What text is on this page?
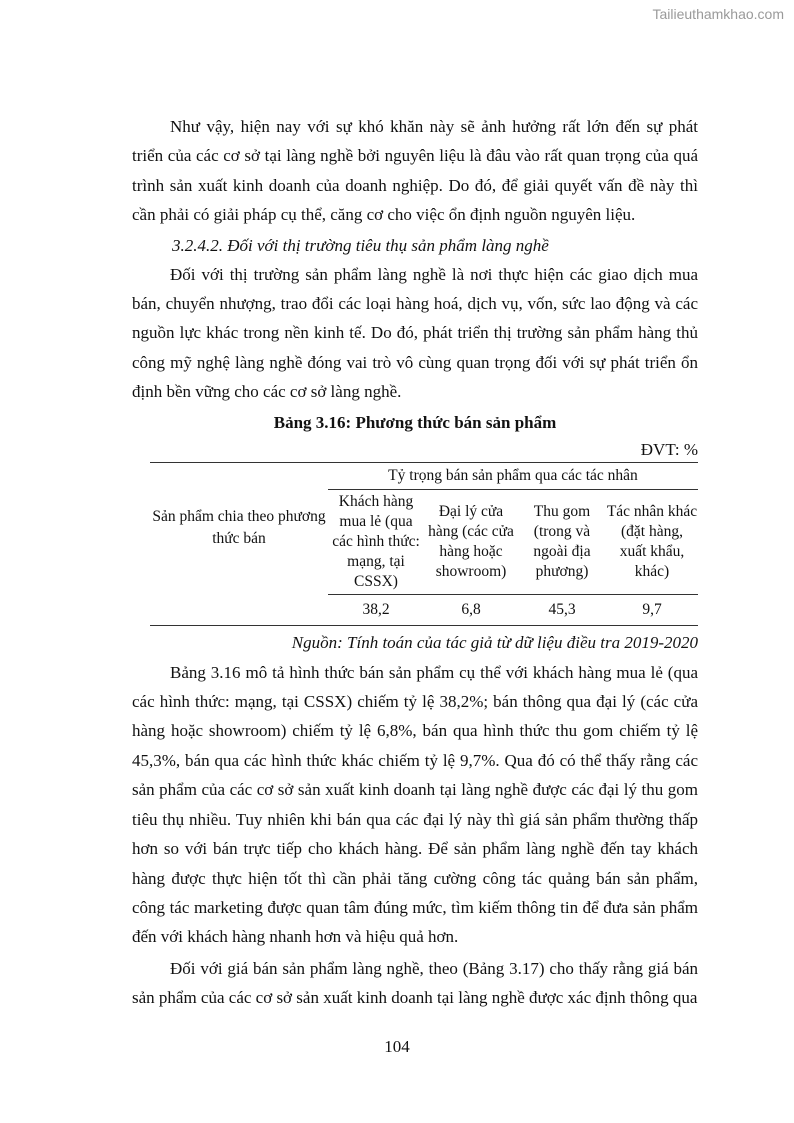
Tailieuthamkhao.com

Như vậy, hiện nay với sự khó khăn này sẽ ảnh hưởng rất lớn đến sự phát triển của các cơ sở tại làng nghề bởi nguyên liệu là đâu vào rất quan trọng của quá trình sản xuất kinh doanh của doanh nghiệp. Do đó, để giải quyết vấn đề này thì cần phải có giải pháp cụ thể, căng cơ cho việc ổn định nguồn nguyên liệu.

3.2.4.2. Đối với thị trường tiêu thụ sản phẩm làng nghề

Đối với thị trường sản phẩm làng nghề là nơi thực hiện các giao dịch mua bán, chuyển nhượng, trao đổi các loại hàng hoá, dịch vụ, vốn, sức lao động và các nguồn lực khác trong nền kinh tế. Do đó, phát triển thị trường sản phẩm hàng thủ công mỹ nghệ làng nghề đóng vai trò vô cùng quan trọng đối với sự phát triển ổn định bền vững cho các cơ sở làng nghề.

Bảng 3.16: Phương thức bán sản phẩm
ĐVT: %
Sản phẩm chia theo phương thức bán	Tỷ trọng bán sản phẩm qua các tác nhân			
	Khách hàng mua lẻ (qua các hình thức: mạng, tại CSSX)	Đại lý cửa hàng (các cửa hàng hoặc showroom)	Thu gom (trong và ngoài địa phương)	Tác nhân khác (đặt hàng, xuất khẩu, khác)
	38,2	6,8	45,3	9,7
Nguồn: Tính toán của tác giả từ dữ liệu điều tra 2019-2020

Bảng 3.16 mô tả hình thức bán sản phẩm cụ thể với khách hàng mua lẻ (qua các hình thức: mạng, tại CSSX) chiếm tỷ lệ 38,2%; bán thông qua đại lý (các cửa hàng hoặc showroom) chiếm tỷ lệ 6,8%, bán qua hình thức thu gom chiếm tỷ lệ 45,3%, bán qua các hình thức khác chiếm tỷ lệ 9,7%. Qua đó có thể thấy rằng các sản phẩm của các cơ sở sản xuất kinh doanh tại làng nghề được các đại lý thu gom tiêu thụ nhiều. Tuy nhiên khi bán qua các đại lý này thì giá sản phẩm thường thấp hơn so với bán trực tiếp cho khách hàng. Để sản phẩm làng nghề đến tay khách hàng được thực hiện tốt thì cần phải tăng cường công tác quảng bán sản phẩm, công tác marketing được quan tâm đúng mức, tìm kiếm thông tin để đưa sản phẩm đến với khách hàng nhanh hơn và hiệu quả hơn.

Đối với giá bán sản phẩm làng nghề, theo (Bảng 3.17) cho thấy rằng giá bán sản phẩm của các cơ sở sản xuất kinh doanh tại làng nghề được xác định thông qua

104
